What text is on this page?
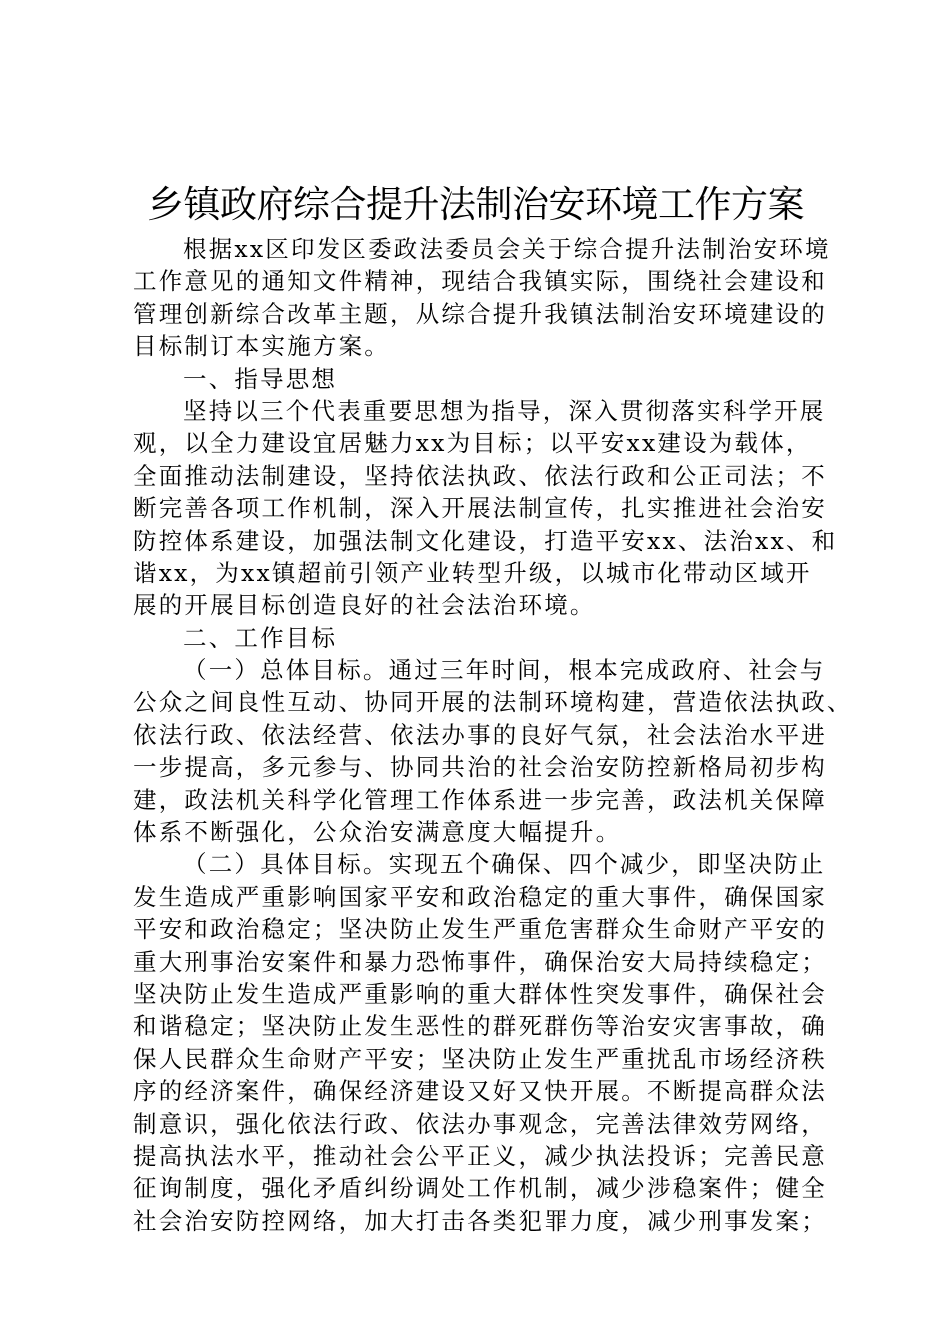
乡镇政府综合提升法制治安环境工作方案
根据xx区印发区委政法委员会关于综合提升法制治安环境
工作意见的通知文件精神，现结合我镇实际，围绕社会建设和
管理创新综合改革主题，从综合提升我镇法制治安环境建设的
目标制订本实施方案。
一、指导思想
坚持以三个代表重要思想为指导，深入贯彻落实科学开展
观，以全力建设宜居魅力xx为目标；以平安xx建设为载体，
全面推动法制建设，坚持依法执政、依法行政和公正司法；不
断完善各项工作机制，深入开展法制宣传，扎实推进社会治安
防控体系建设，加强法制文化建设，打造平安xx、法治xx、和
谐xx，为xx镇超前引领产业转型升级，以城市化带动区域开
展的开展目标创造良好的社会法治环境。
二、工作目标
（一）总体目标。通过三年时间，根本完成政府、社会与
公众之间良性互动、协同开展的法制环境构建，营造依法执政、
依法行政、依法经营、依法办事的良好气氛，社会法治水平进
一步提高，多元参与、协同共治的社会治安防控新格局初步构
建，政法机关科学化管理工作体系进一步完善，政法机关保障
体系不断强化，公众治安满意度大幅提升。
（二）具体目标。实现五个确保、四个减少，即坚决防止
发生造成严重影响国家平安和政治稳定的重大事件，确保国家
平安和政治稳定；坚决防止发生严重危害群众生命财产平安的
重大刑事治安案件和暴力恐怖事件，确保治安大局持续稳定；
坚决防止发生造成严重影响的重大群体性突发事件，确保社会
和谐稳定；坚决防止发生恶性的群死群伤等治安灾害事故，确
保人民群众生命财产平安；坚决防止发生严重扰乱市场经济秩
序的经济案件，确保经济建设又好又快开展。不断提高群众法
制意识，强化依法行政、依法办事观念，完善法律效劳网络，
提高执法水平，推动社会公平正义，减少执法投诉；完善民意
征询制度，强化矛盾纠纷调处工作机制，减少涉稳案件；健全
社会治安防控网络，加大打击各类犯罪力度，减少刑事发案；
